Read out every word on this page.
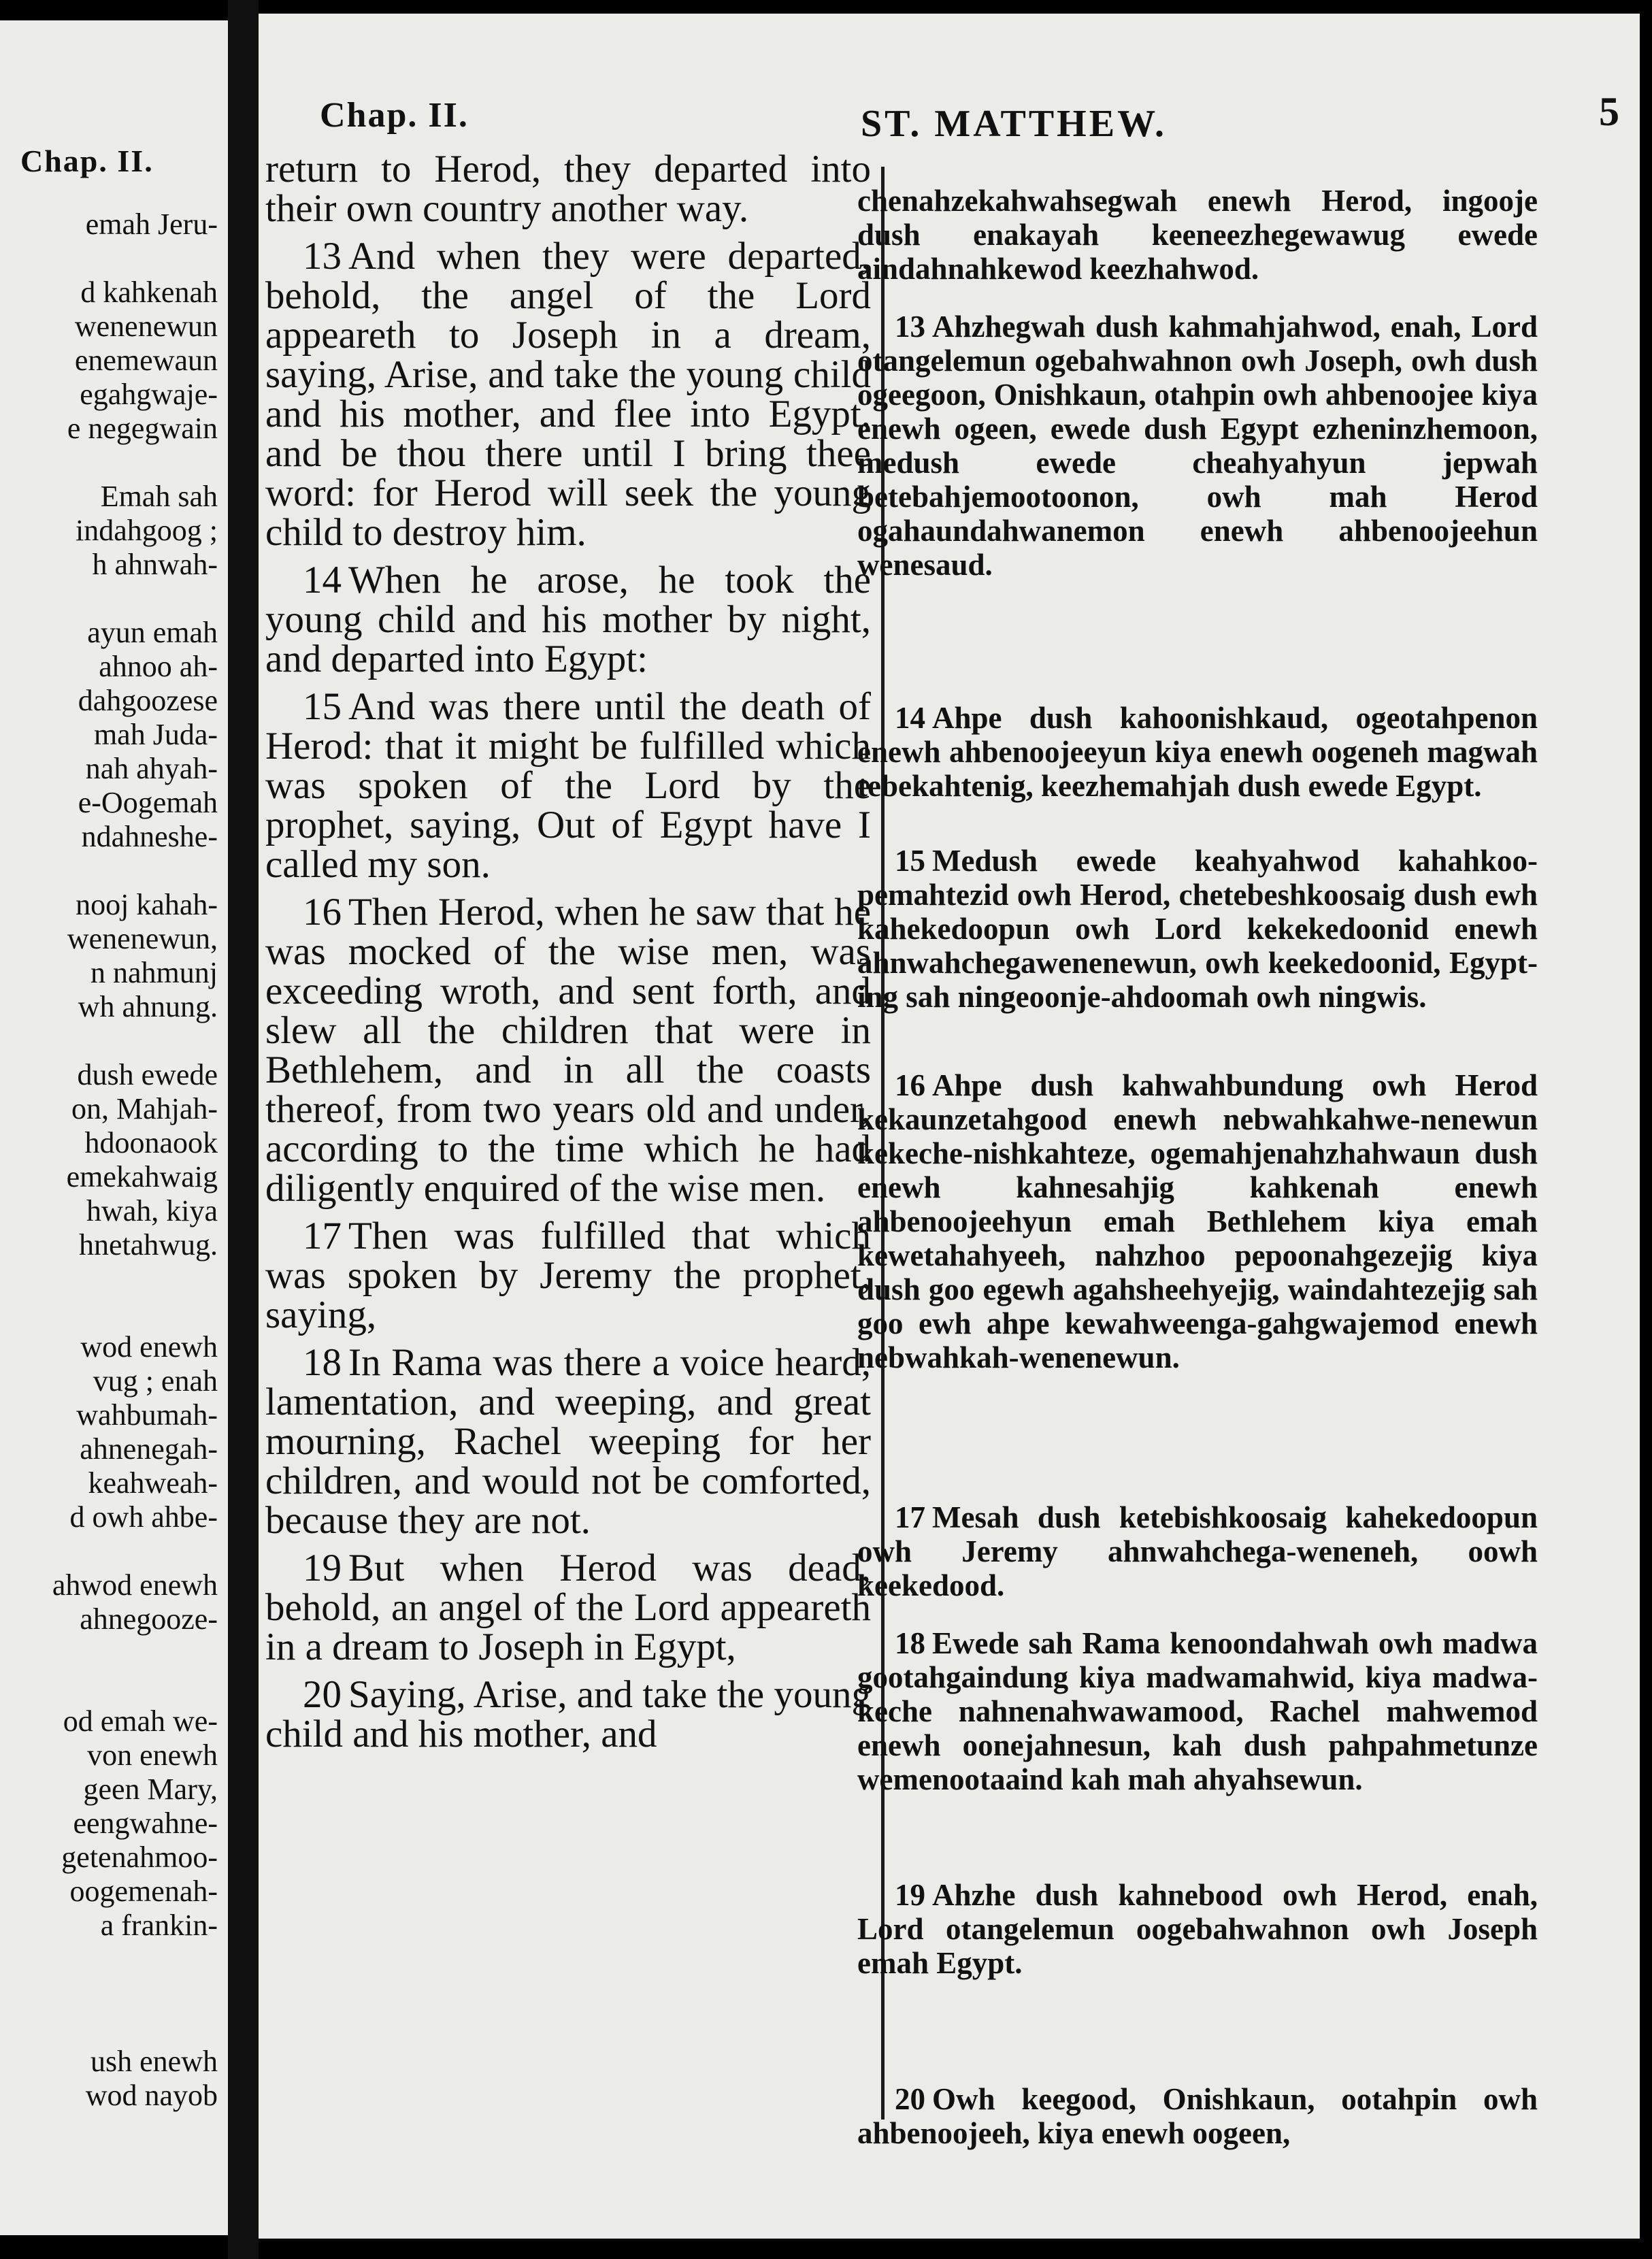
Chap. II.
emah Jeru-
d kahkenah
wenenewun
enemewaun
egahgwaje-
e negegwain
Emah sah
indahgoog ;
h ahnwah-
ayun emah
ahnoo ah-
dahgoozese
mah Juda-
nah ahyah-
e-Oogemah
ndahneshe-
nooj kahah-
wenenewun,
n nahmunj
wh ahnung.
dush ewede
on, Mahjah-
hdoonaook
emekahwaig
hwah, kiya
hnetahwug.
wod enewh
vug ; enah
wahbumah-
ahnenegah-
keahweah-
d owh ahbe-
ahwod enewh
ahnegooze-
od emah we-
von enewh
geen Mary,
eengwahne-
getenahmoo-
oogemenah-
a frankin-
ush enewh
wod nayob
Chap. II.	ST. MATTHEW.	5

return to Herod, they departed into their own country another way.

13 And when they were departed, behold, the angel of the Lord appeareth to Joseph in a dream, saying, Arise, and take the young child and his mother, and flee into Egypt, and be thou there until I bring thee word: for Herod will seek the young child to destroy him.

14 When he arose, he took the young child and his mother by night, and departed into Egypt:

15 And was there until the death of Herod: that it might be fulfilled which was spoken of the Lord by the prophet, saying, Out of Egypt have I called my son.

16 Then Herod, when he saw that he was mocked of the wise men, was exceeding wroth, and sent forth, and slew all the children that were in Bethlehem, and in all the coasts thereof, from two years old and under, according to the time which he had diligently enquired of the wise men.

17 Then was fulfilled that which was spoken by Jeremy the prophet, saying,

18 In Rama was there a voice heard, lamentation, and weeping, and great mourning, Rachel weeping for her children, and would not be comforted, because they are not.

19 But when Herod was dead, behold, an angel of the Lord appeareth in a dream to Joseph in Egypt,

20 Saying, Arise, and take the young child and his mother, and

chenahzekahwahsegwah enewh Herod, ingooje dush enakayah keeneezhegewawug ewede aindahnahkewod keezhahwod.
13 Ahzhegwah dush kahmahjahwod, enah, Lord otangelemun ogebahwahnon owh Joseph, owh dush ogeegoon, Onishkaun, otahpin owh ahbenoojee kiya enewh ogeen, ewede dush Egypt ezheninzhemoon, medush ewede cheahyahyun jepwah betebahjemootoonon, owh mah Herod ogahaundahwanemon enewh ahbenoojeehun wenesaud.
14 Ahpe dush kahoonishkaud, ogeotahpenon enewh ahbenoojeeyun kiya enewh oogeneh magwah tebekahtenig, keezhemahjah dush ewede Egypt.
15 Medush ewede keahyahwod kahahkoo-pemahtezid owh Herod, chetebeshkoosaig dush ewh kahekedoopun owh Lord kekekedoonid enewh ahnwahchegawenenewun, owh keekedoonid, Egypt-ing sah ningeoonje-ahdoomah owh ningwis.
16 Ahpe dush kahwahbundung owh Herod kekaunzetahgood enewh nebwahkahwe-nenewun kekeche-nishkahteze, ogemahjenahzhahwaun dush enewh kahnesahjig kahkenah enewh ahbenoojeehyun emah Bethlehem kiya emah kewetahahyeeh, nahzhoo pepoonahgezejig kiya dush goo egewh agahsheehyejig, waindahtezejig sah goo ewh ahpe kewahweenga-gahgwajemod enewh nebwahkah-wenenewun.
17 Mesah dush ketebishkoosaig kahekedoopun owh Jeremy ahnwahchega-weneneh, oowh keekedood.
18 Ewede sah Rama kenoondahwah owh madwa gootahgaindung kiya madwamahwid, kiya madwa-keche nahnenahwawamood, Rachel mahwemod enewh oonejahnesun, kah dush pahpahmetunze wemenootaaind kah mah ahyahsewun.
19 Ahzhe dush kahnebood owh Herod, enah, Lord otangelemun oogebahwahnon owh Joseph emah Egypt.
20 Owh keegood, Onishkaun, ootahpin owh ahbenoojeeh, kiya enewh oogeen,
